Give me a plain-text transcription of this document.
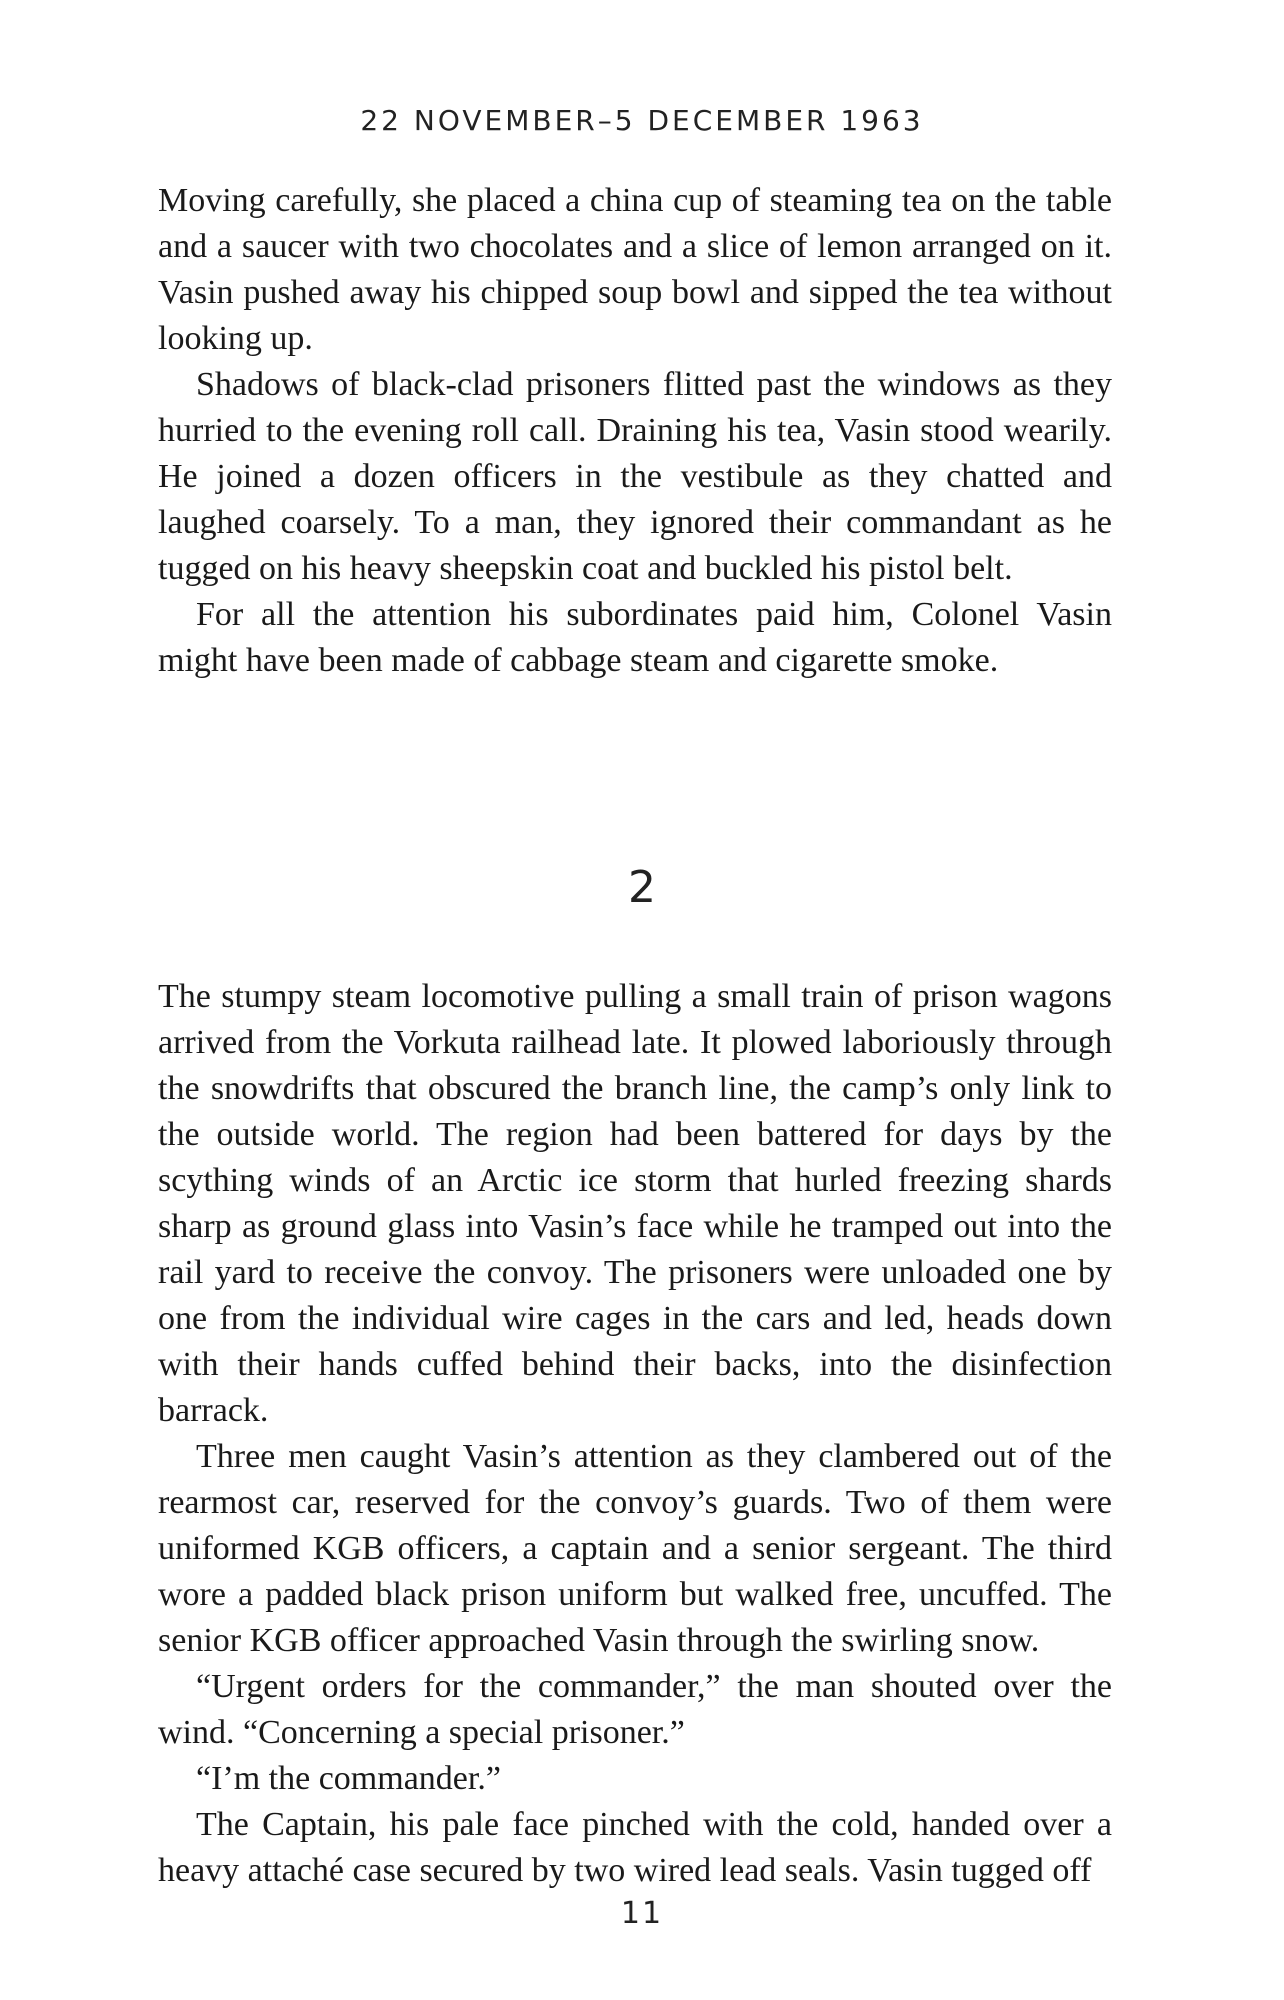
22 NOVEMBER–5 DECEMBER 1963

Moving carefully, she placed a china cup of steaming tea on the table and a saucer with two chocolates and a slice of lemon arranged on it. Vasin pushed away his chipped soup bowl and sipped the tea without looking up.

Shadows of black-clad prisoners flitted past the windows as they hurried to the evening roll call. Draining his tea, Vasin stood wearily. He joined a dozen officers in the vestibule as they chatted and laughed coarsely. To a man, they ignored their commandant as he tugged on his heavy sheepskin coat and buckled his pistol belt.

For all the attention his subordinates paid him, Colonel Vasin might have been made of cabbage steam and cigarette smoke.

2

The stumpy steam locomotive pulling a small train of prison wagons arrived from the Vorkuta railhead late. It plowed laboriously through the snowdrifts that obscured the branch line, the camp’s only link to the outside world. The region had been battered for days by the scything winds of an Arctic ice storm that hurled freezing shards sharp as ground glass into Vasin’s face while he tramped out into the rail yard to receive the convoy. The prisoners were unloaded one by one from the individual wire cages in the cars and led, heads down with their hands cuffed behind their backs, into the disinfection barrack.

Three men caught Vasin’s attention as they clambered out of the rearmost car, reserved for the convoy’s guards. Two of them were uniformed KGB officers, a captain and a senior sergeant. The third wore a padded black prison uniform but walked free, uncuffed. The senior KGB officer approached Vasin through the swirling snow.

“Urgent orders for the commander,” the man shouted over the wind. “Concerning a special prisoner.”

“I’m the commander.”

The Captain, his pale face pinched with the cold, handed over a heavy attaché case secured by two wired lead seals. Vasin tugged off

11
